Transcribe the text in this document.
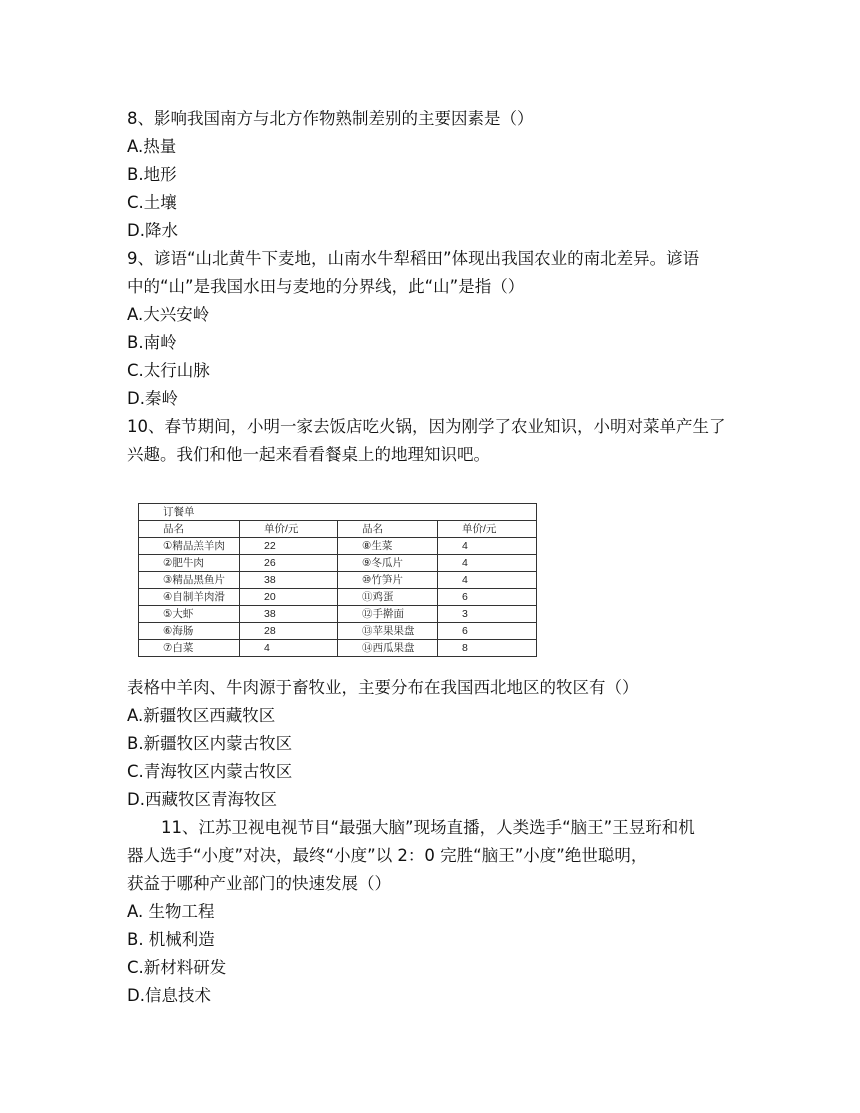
8、影响我国南方与北方作物熟制差别的主要因素是（）
A.热量
B.地形
C.土壤
D.降水
9、谚语“山北黄牛下麦地，山南水牛犁稻田”体现出我国农业的南北差异。谚语
中的“山”是我国水田与麦地的分界线，此“山”是指（）
A.大兴安岭
B.南岭
C.太行山脉
D.秦岭
10、春节期间，小明一家去饭店吃火锅，因为刚学了农业知识，小明对菜单产生了
兴趣。我们和他一起来看看餐桌上的地理知识吧。
订餐单			
品名	单价/元	品名	单价/元
①精品羔羊肉	22	⑧生菜	4
②肥牛肉	26	⑨冬瓜片	4
③精品黑鱼片	38	⑩竹笋片	4
④自制羊肉滑	20	⑪鸡蛋	6
⑤大虾	38	⑫手擀面	3
⑥海肠	28	⑬苹果果盘	6
⑦白菜	4	⑭西瓜果盘	8
表格中羊肉、牛肉源于畜牧业，主要分布在我国西北地区的牧区有（）
A.新疆牧区西藏牧区
B.新疆牧区内蒙古牧区
C.青海牧区内蒙古牧区
D.西藏牧区青海牧区
11、江苏卫视电视节目“最强大脑”现场直播，人类选手“脑王”王昱珩和机
器人选手“小度”对决，最终“小度”以 2：0 完胜“脑王”小度”绝世聪明，
获益于哪种产业部门的快速发展（）
A. 生物工程
B. 机械利造
C.新材料研发
D.信息技术
